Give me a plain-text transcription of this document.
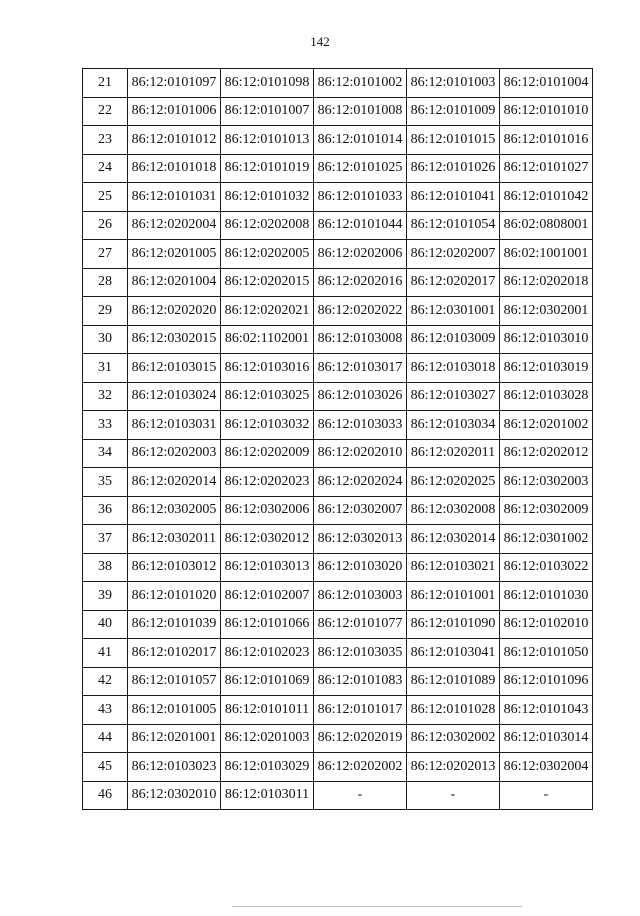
142
21	86:12:0101097	86:12:0101098	86:12:0101002	86:12:0101003	86:12:0101004
22	86:12:0101006	86:12:0101007	86:12:0101008	86:12:0101009	86:12:0101010
23	86:12:0101012	86:12:0101013	86:12:0101014	86:12:0101015	86:12:0101016
24	86:12:0101018	86:12:0101019	86:12:0101025	86:12:0101026	86:12:0101027
25	86:12:0101031	86:12:0101032	86:12:0101033	86:12:0101041	86:12:0101042
26	86:12:0202004	86:12:0202008	86:12:0101044	86:12:0101054	86:02:0808001
27	86:12:0201005	86:12:0202005	86:12:0202006	86:12:0202007	86:02:1001001
28	86:12:0201004	86:12:0202015	86:12:0202016	86:12:0202017	86:12:0202018
29	86:12:0202020	86:12:0202021	86:12:0202022	86:12:0301001	86:12:0302001
30	86:12:0302015	86:02:1102001	86:12:0103008	86:12:0103009	86:12:0103010
31	86:12:0103015	86:12:0103016	86:12:0103017	86:12:0103018	86:12:0103019
32	86:12:0103024	86:12:0103025	86:12:0103026	86:12:0103027	86:12:0103028
33	86:12:0103031	86:12:0103032	86:12:0103033	86:12:0103034	86:12:0201002
34	86:12:0202003	86:12:0202009	86:12:0202010	86:12:0202011	86:12:0202012
35	86:12:0202014	86:12:0202023	86:12:0202024	86:12:0202025	86:12:0302003
36	86:12:0302005	86:12:0302006	86:12:0302007	86:12:0302008	86:12:0302009
37	86:12:0302011	86:12:0302012	86:12:0302013	86:12:0302014	86:12:0301002
38	86:12:0103012	86:12:0103013	86:12:0103020	86:12:0103021	86:12:0103022
39	86:12:0101020	86:12:0102007	86:12:0103003	86:12:0101001	86:12:0101030
40	86:12:0101039	86:12:0101066	86:12:0101077	86:12:0101090	86:12:0102010
41	86:12:0102017	86:12:0102023	86:12:0103035	86:12:0103041	86:12:0101050
42	86:12:0101057	86:12:0101069	86:12:0101083	86:12:0101089	86:12:0101096
43	86:12:0101005	86:12:0101011	86:12:0101017	86:12:0101028	86:12:0101043
44	86:12:0201001	86:12:0201003	86:12:0202019	86:12:0302002	86:12:0103014
45	86:12:0103023	86:12:0103029	86:12:0202002	86:12:0202013	86:12:0302004
46	86:12:0302010	86:12:0103011	-	-	-
